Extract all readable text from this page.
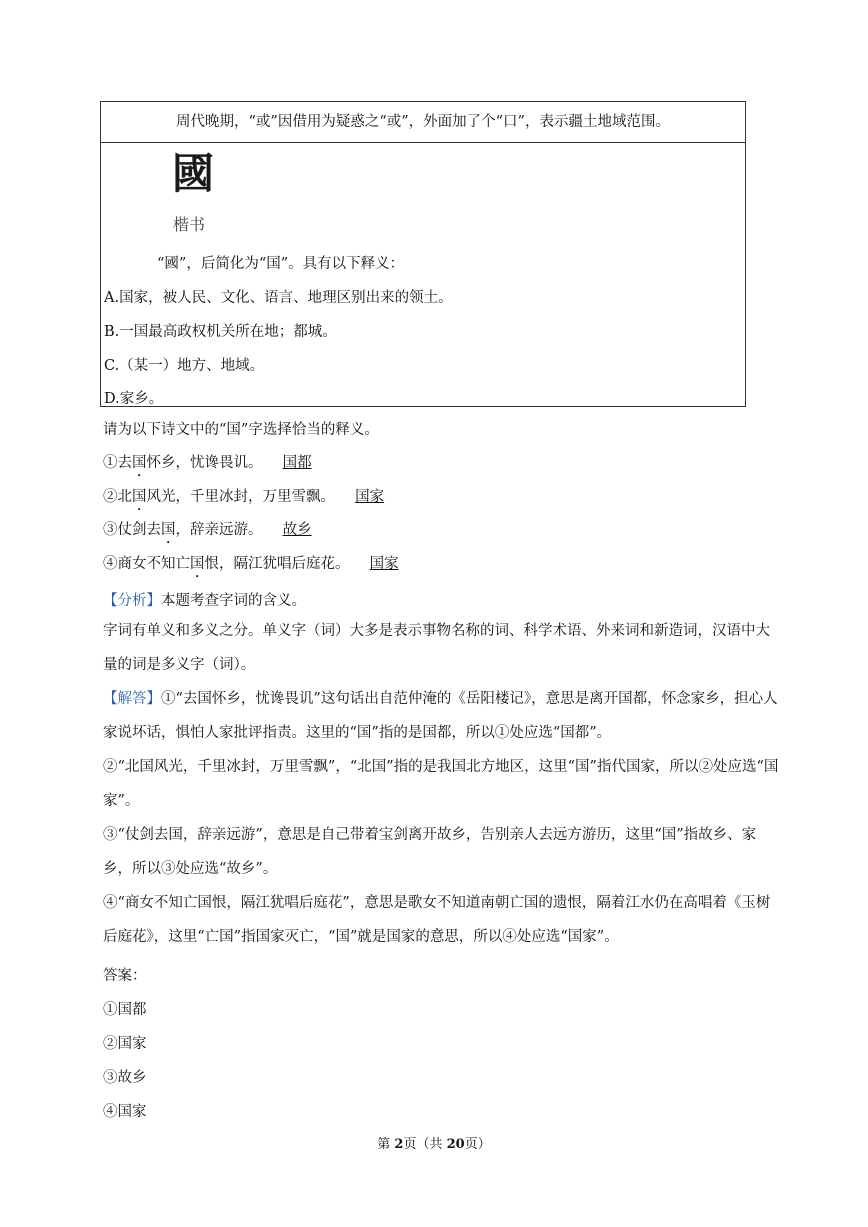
周代晚期，“或”因借用为疑惑之“或”，外面加了个“口”，表示疆土地域范围。
國
楷书
“國”，后简化为“国”。具有以下释义：
A.国家，被人民、文化、语言、地理区别出来的领土。
B.一国最高政权机关所在地；都城。
C.（某一）地方、地域。
D.家乡。
请为以下诗文中的“国”字选择恰当的释义。
①去国怀乡，忧谗畏讥。 国都
②北国风光，千里冰封，万里雪飘。 国家
③仗剑去国，辞亲远游。 故乡
④商女不知亡国恨，隔江犹唱后庭花。 国家
【分析】本题考查字词的含义。
字词有单义和多义之分。单义字（词）大多是表示事物名称的词、科学术语、外来词和新造词，汉语中大量的词是多义字（词）。
【解答】①“去国怀乡，忧谗畏讥”这句话出自范仲淹的《岳阳楼记》，意思是离开国都，怀念家乡，担心人家说坏话，惧怕人家批评指责。这里的“国”指的是国都，所以①处应选“国都”。
②“北国风光，千里冰封，万里雪飘”，“北国”指的是我国北方地区，这里“国”指代国家，所以②处应选“国家”。
③“仗剑去国，辞亲远游”，意思是自己带着宝剑离开故乡，告别亲人去远方游历，这里“国”指故乡、家乡，所以③处应选“故乡”。
④“商女不知亡国恨，隔江犹唱后庭花”，意思是歌女不知道南朝亡国的遗恨，隔着江水仍在高唱着《玉树后庭花》，这里“亡国”指国家灭亡，“国”就是国家的意思，所以④处应选“国家”。
答案：
①国都
②国家
③故乡
④国家
第 2页（共 20页）
